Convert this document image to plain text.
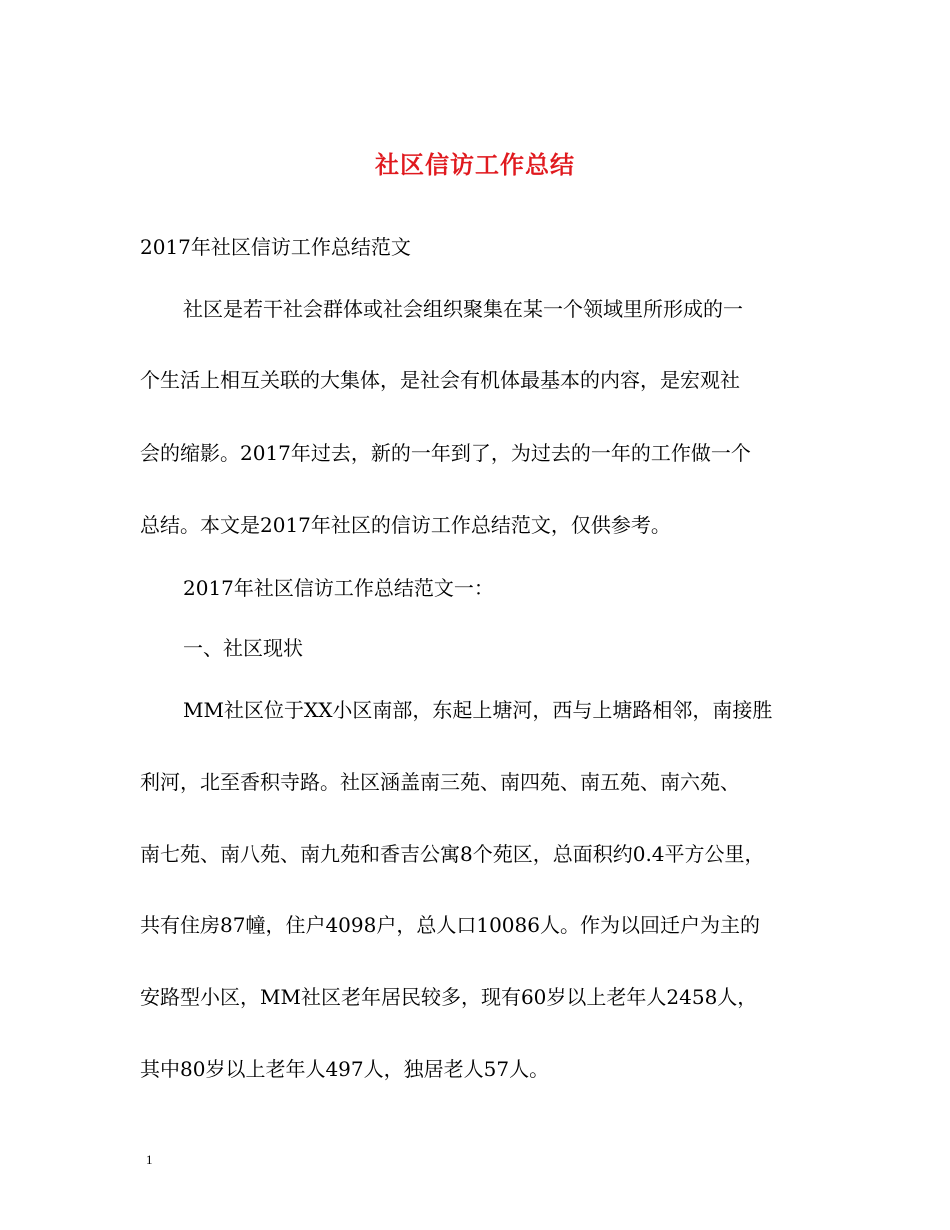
社区信访工作总结
2017年社区信访工作总结范文
社区是若干社会群体或社会组织聚集在某一个领域里所形成的一
个生活上相互关联的大集体，是社会有机体最基本的内容，是宏观社
会的缩影。2017年过去，新的一年到了，为过去的一年的工作做一个
总结。本文是2017年社区的信访工作总结范文，仅供参考。
2017年社区信访工作总结范文一：
一、社区现状
MM社区位于XX小区南部，东起上塘河，西与上塘路相邻，南接胜
利河，北至香积寺路。社区涵盖南三苑、南四苑、南五苑、南六苑、
南七苑、南八苑、南九苑和香吉公寓8个苑区，总面积约0.4平方公里，
共有住房87幢，住户4098户，总人口10086人。作为以回迁户为主的
安路型小区，MM社区老年居民较多，现有60岁以上老年人2458人，
其中80岁以上老年人497人，独居老人57人。
1
